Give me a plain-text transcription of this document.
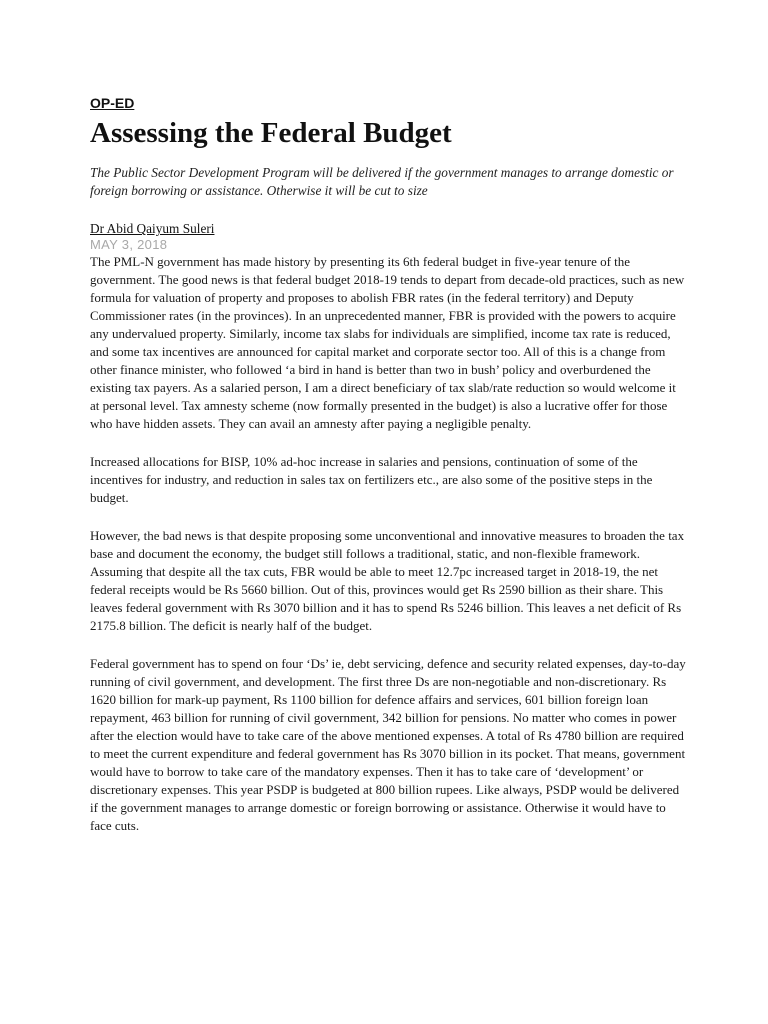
OP-ED
Assessing the Federal Budget

The Public Sector Development Program will be delivered if the government manages to arrange domestic or foreign borrowing or assistance. Otherwise it will be cut to size

Dr Abid Qaiyum Suleri
MAY 3, 2018

The PML-N government has made history by presenting its 6th federal budget in five-year tenure of the government. The good news is that federal budget 2018-19 tends to depart from decade-old practices, such as new formula for valuation of property and proposes to abolish FBR rates (in the federal territory) and Deputy Commissioner rates (in the provinces). In an unprecedented manner, FBR is provided with the powers to acquire any undervalued property. Similarly, income tax slabs for individuals are simplified, income tax rate is reduced, and some tax incentives are announced for capital market and corporate sector too. All of this is a change from other finance minister, who followed ‘a bird in hand is better than two in bush’ policy and overburdened the existing tax payers. As a salaried person, I am a direct beneficiary of tax slab/rate reduction so would welcome it at personal level. Tax amnesty scheme (now formally presented in the budget) is also a lucrative offer for those who have hidden assets. They can avail an amnesty after paying a negligible penalty.

Increased allocations for BISP, 10% ad-hoc increase in salaries and pensions, continuation of some of the incentives for industry, and reduction in sales tax on fertilizers etc., are also some of the positive steps in the budget.

However, the bad news is that despite proposing some unconventional and innovative measures to broaden the tax base and document the economy, the budget still follows a traditional, static, and non-flexible framework. Assuming that despite all the tax cuts, FBR would be able to meet 12.7pc increased target in 2018-19, the net federal receipts would be Rs 5660 billion. Out of this, provinces would get Rs 2590 billion as their share. This leaves federal government with Rs 3070 billion and it has to spend Rs 5246 billion. This leaves a net deficit of Rs 2175.8 billion. The deficit is nearly half of the budget.

Federal government has to spend on four ‘Ds’ ie, debt servicing, defence and security related expenses, day-to-day running of civil government, and development. The first three Ds are non-negotiable and non-discretionary. Rs 1620 billion for mark-up payment, Rs 1100 billion for defence affairs and services, 601 billion foreign loan repayment, 463 billion for running of civil government, 342 billion for pensions. No matter who comes in power after the election would have to take care of the above mentioned expenses. A total of Rs 4780 billion are required to meet the current expenditure and federal government has Rs 3070 billion in its pocket. That means, government would have to borrow to take care of the mandatory expenses. Then it has to take care of ‘development’ or discretionary expenses. This year PSDP is budgeted at 800 billion rupees. Like always, PSDP would be delivered if the government manages to arrange domestic or foreign borrowing or assistance. Otherwise it would have to face cuts.
